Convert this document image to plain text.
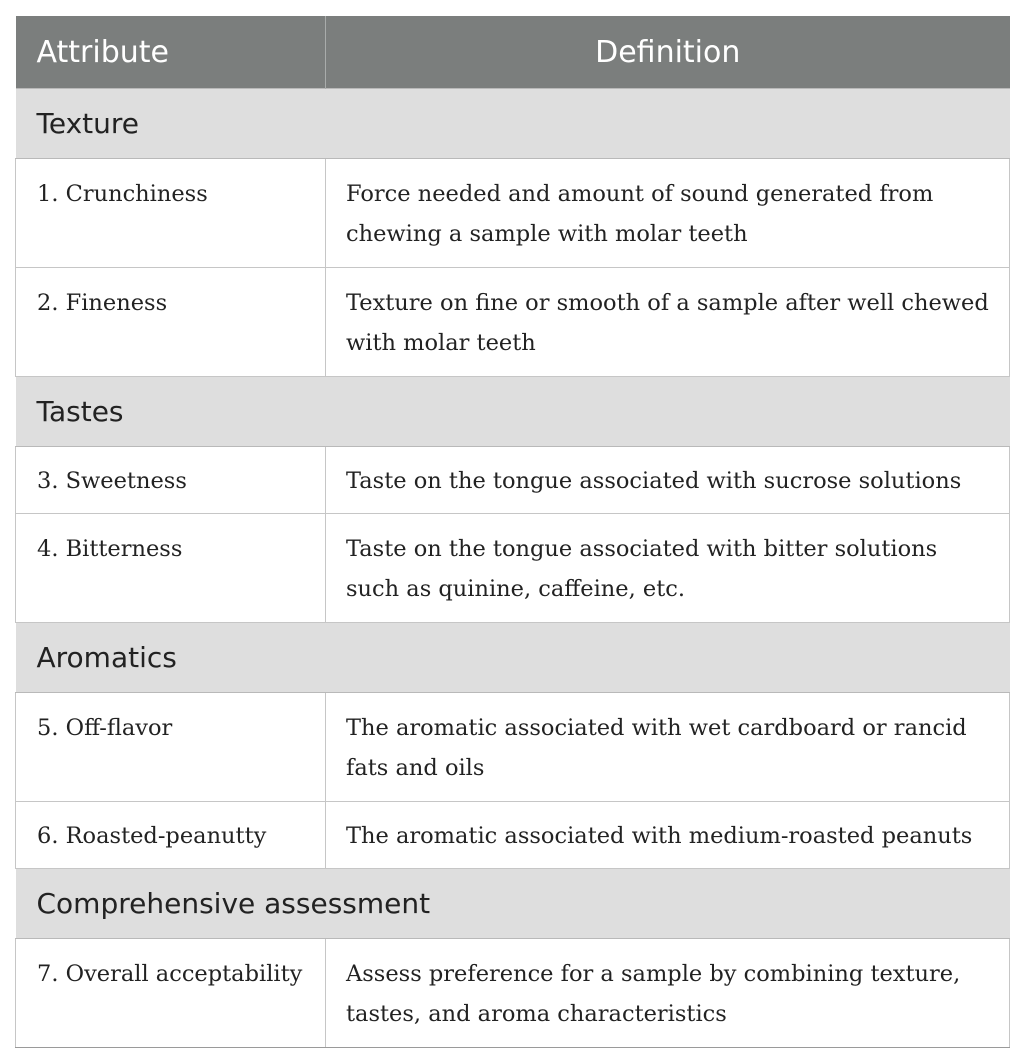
Attribute	Definition
Texture	
1. Crunchiness	Force needed and amount of sound generated from chewing a sample with molar teeth
2. Fineness	Texture on fine or smooth of a sample after well chewed with molar teeth
Tastes	
3. Sweetness	Taste on the tongue associated with sucrose solutions
4. Bitterness	Taste on the tongue associated with bitter solutions such as quinine, caffeine, etc.
Aromatics	
5. Off-flavor	The aromatic associated with wet cardboard or rancid fats and oils
6. Roasted-peanutty	The aromatic associated with medium-roasted peanuts
Comprehensive assessment	
7. Overall acceptability	Assess preference for a sample by combining texture, tastes, and aroma characteristics
